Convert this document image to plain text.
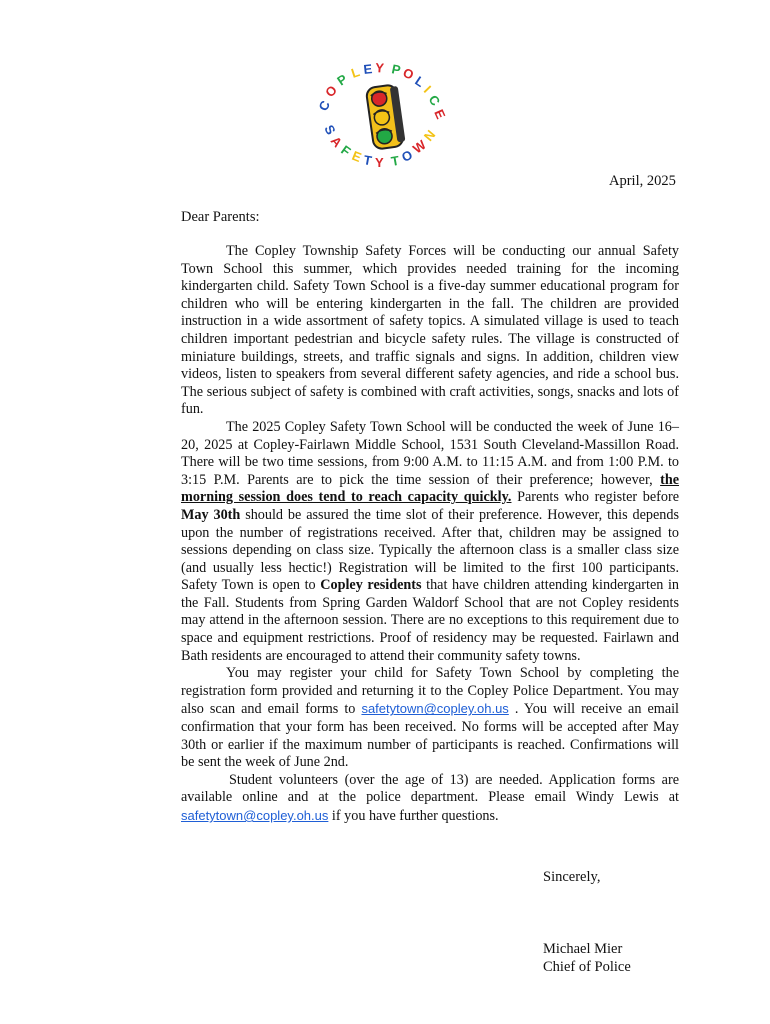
C
O
P L E Y P
O
L
I
C
E
S
A
F
E
T Y T O
W
N
April, 2025
Dear Parents:

The Copley Township Safety Forces will be conducting our annual Safety Town School this summer, which provides needed training for the incoming kindergarten child. Safety Town School is a five-day summer educational program for children who will be entering kindergarten in the fall. The children are provided instruction in a wide assortment of safety topics. A simulated village is used to teach children important pedestrian and bicycle safety rules. The village is constructed of miniature buildings, streets, and traffic signals and signs. In addition, children view videos, listen to speakers from several different safety agencies, and ride a school bus. The serious subject of safety is combined with craft activities, songs, snacks and lots of fun.

The 2025 Copley Safety Town School will be conducted the week of June 16–20, 2025 at Copley-Fairlawn Middle School, 1531 South Cleveland-Massillon Road. There will be two time sessions, from 9:00 A.M. to 11:15 A.M. and from 1:00 P.M. to 3:15 P.M. Parents are to pick the time session of their preference; however, the morning session does tend to reach capacity quickly. Parents who register before May 30th should be assured the time slot of their preference. However, this depends upon the number of registrations received. After that, children may be assigned to sessions depending on class size. Typically the afternoon class is a smaller class size (and usually less hectic!) Registration will be limited to the first 100 participants. Safety Town is open to Copley residents that have children attending kindergarten in the Fall. Students from Spring Garden Waldorf School that are not Copley residents may attend in the afternoon session. There are no exceptions to this requirement due to space and equipment restrictions. Proof of residency may be requested. Fairlawn and Bath residents are encouraged to attend their community safety towns.

You may register your child for Safety Town School by completing the registration form provided and returning it to the Copley Police Department. You may also scan and email forms to safetytown@copley.oh.us . You will receive an email confirmation that your form has been received. No forms will be accepted after May 30th or earlier if the maximum number of participants is reached. Confirmations will be sent the week of June 2nd.

Student volunteers (over the age of 13) are needed. Application forms are available online and at the police department. Please email Windy Lewis at safetytown@copley.oh.us if you have further questions.

Sincerely,
Michael Mier
Chief of Police
